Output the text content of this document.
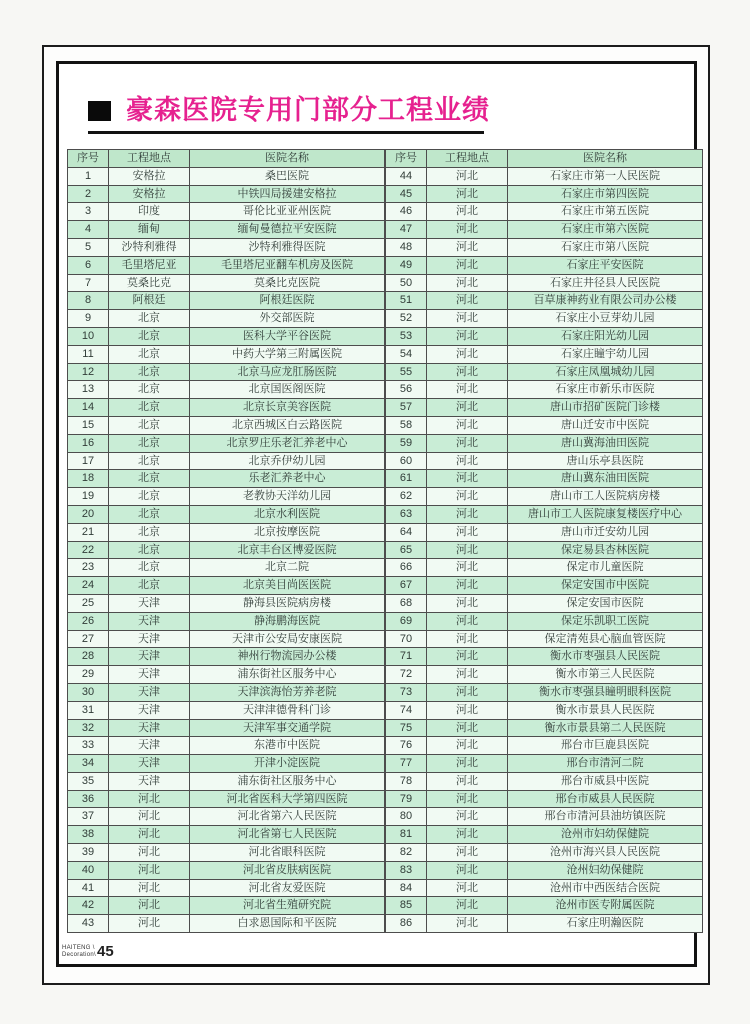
豪森医院专用门部分工程业绩
序号	工程地点	医院名称
1	安格拉	桑巴医院
2	安格拉	中铁四局援建安格拉
3	印度	哥伦比亚亚州医院
4	缅甸	缅甸曼德拉平安医院
5	沙特利雅得	沙特利雅得医院
6	毛里塔尼亚	毛里塔尼亚翻车机房及医院
7	莫桑比克	莫桑比克医院
8	阿根廷	阿根廷医院
9	北京	外交部医院
10	北京	医科大学平谷医院
11	北京	中药大学第三附属医院
12	北京	北京马应龙肛肠医院
13	北京	北京国医阁医院
14	北京	北京长京美容医院
15	北京	北京西城区白云路医院
16	北京	北京罗庄乐老汇养老中心
17	北京	北京乔伊幼儿园
18	北京	乐老汇养老中心
19	北京	老教协天洋幼儿园
20	北京	北京水利医院
21	北京	北京按摩医院
22	北京	北京丰台区博爱医院
23	北京	北京二院
24	北京	北京美目尚医医院
25	天津	静海县医院病房楼
26	天津	静海鹏海医院
27	天津	天津市公安局安康医院
28	天津	神州行物流园办公楼
29	天津	浦东街社区服务中心
30	天津	天津滨海怡芳养老院
31	天津	天津津德骨科门诊
32	天津	天津军事交通学院
33	天津	东港市中医院
34	天津	开津小淀医院
35	天津	浦东街社区服务中心
36	河北	河北省医科大学第四医院
37	河北	河北省第六人民医院
38	河北	河北省第七人民医院
39	河北	河北省眼科医院
40	河北	河北省皮肤病医院
41	河北	河北省友爱医院
42	河北	河北省生殖研究院
43	河北	白求恩国际和平医院
序号	工程地点	医院名称
44	河北	石家庄市第一人民医院
45	河北	石家庄市第四医院
46	河北	石家庄市第五医院
47	河北	石家庄市第六医院
48	河北	石家庄市第八医院
49	河北	石家庄平安医院
50	河北	石家庄井径县人民医院
51	河北	百草康神药业有限公司办公楼
52	河北	石家庄小豆芽幼儿园
53	河北	石家庄阳光幼儿园
54	河北	石家庄瞳宇幼儿园
55	河北	石家庄凤凰城幼儿园
56	河北	石家庄市新乐市医院
57	河北	唐山市招矿医院门诊楼
58	河北	唐山迁安市中医院
59	河北	唐山冀海油田医院
60	河北	唐山乐亭县医院
61	河北	唐山冀东油田医院
62	河北	唐山市工人医院病房楼
63	河北	唐山市工人医院康复楼医疗中心
64	河北	唐山市迁安幼儿园
65	河北	保定易县杏林医院
66	河北	保定市儿童医院
67	河北	保定安国市中医院
68	河北	保定安国市医院
69	河北	保定乐凯职工医院
70	河北	保定清苑县心脑血管医院
71	河北	衡水市枣强县人民医院
72	河北	衡水市第三人民医院
73	河北	衡水市枣强县瞳明眼科医院
74	河北	衡水市景县人民医院
75	河北	衡水市景县第二人民医院
76	河北	邢台市巨鹿县医院
77	河北	邢台市清河二院
78	河北	邢台市威县中医院
79	河北	邢台市威县人民医院
80	河北	邢台市清河县油坊镇医院
81	河北	沧州市妇幼保健院
82	河北	沧州市海兴县人民医院
83	河北	沧州妇幼保健院
84	河北	沧州市中西医结合医院
85	河北	沧州市医专附属医院
86	河北	石家庄明瀚医院
HAITENG \
Decoration\ 45
